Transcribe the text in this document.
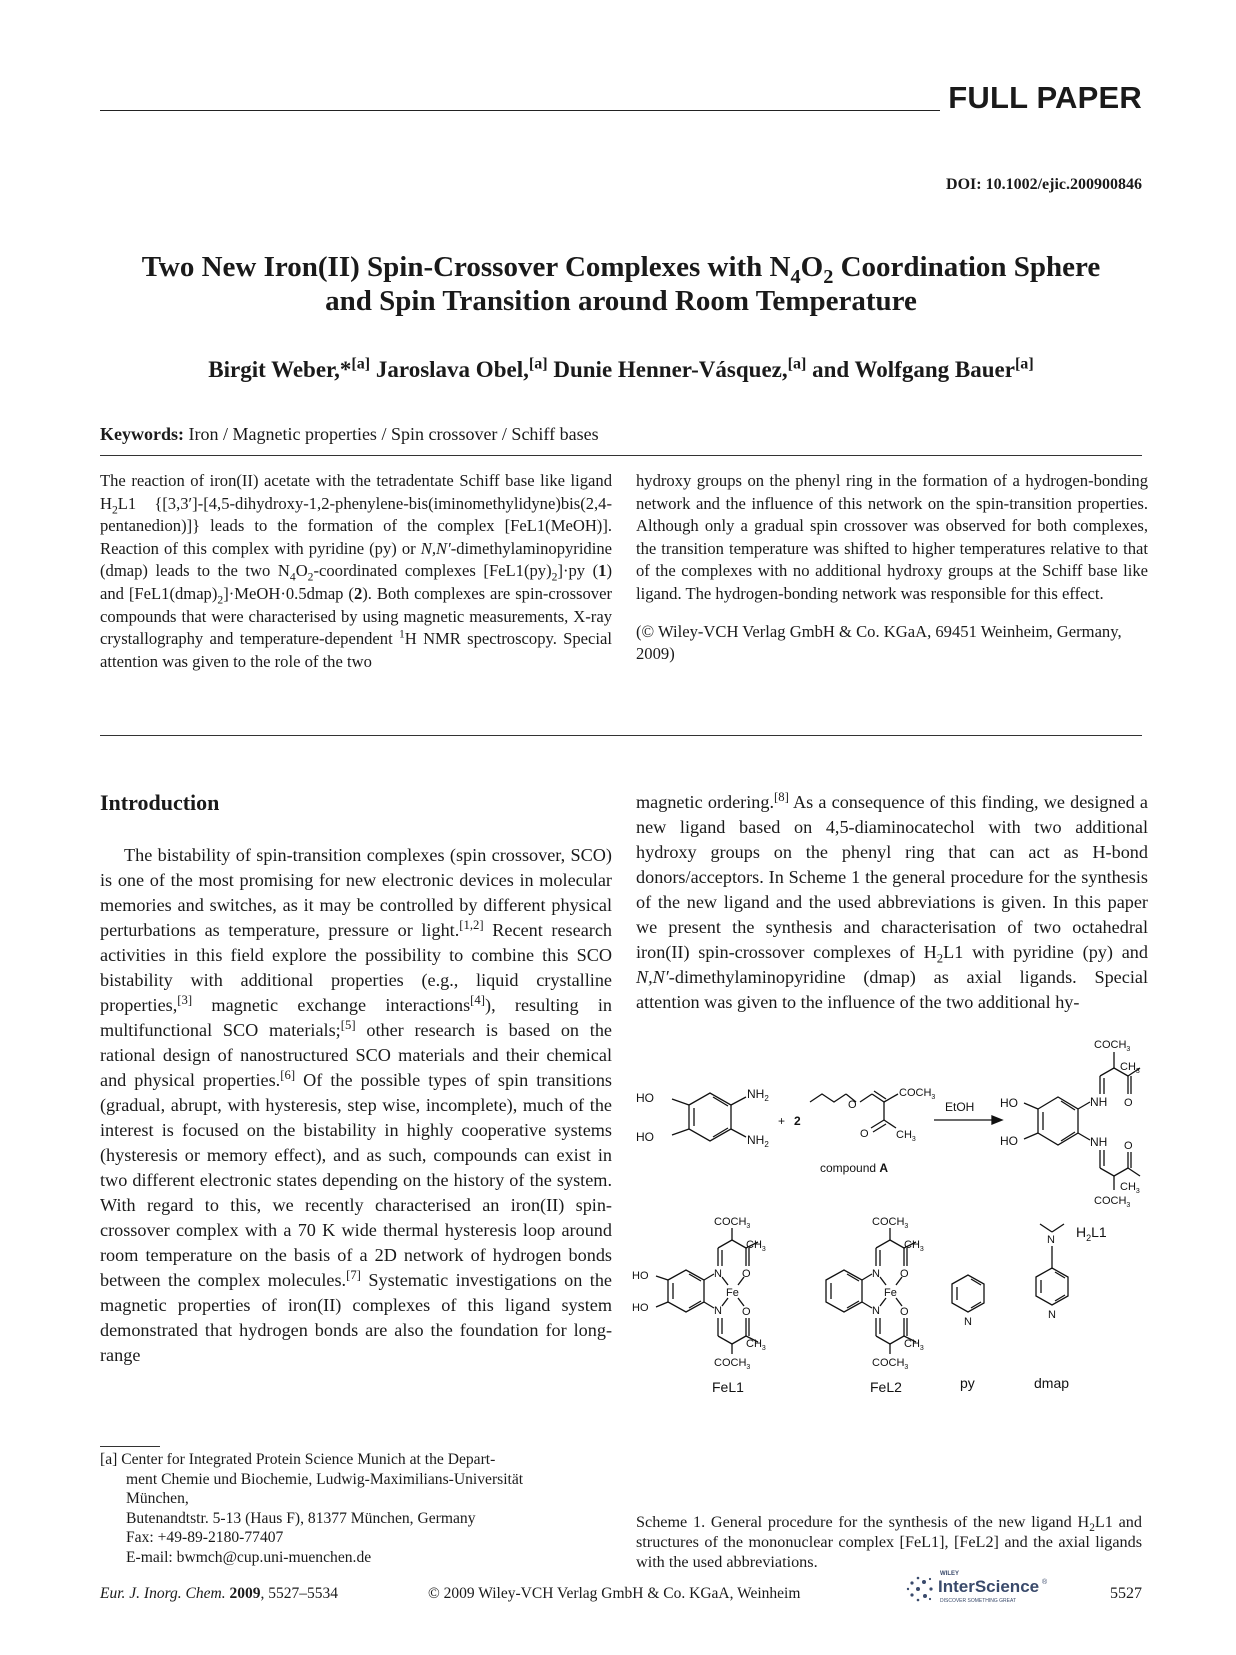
FULL PAPER
DOI: 10.1002/ejic.200900846
Two New Iron(II) Spin-Crossover Complexes with $N_4O_2$ Coordination Sphere
and Spin Transition around Room Temperature
Birgit Weber,*[a] Jaroslava Obel,[a] Dunie Henner-Vásquez,[a] and Wolfgang Bauer[a]
Keywords: Iron / Magnetic properties / Spin crossover / Schiff bases
The reaction of iron(II) acetate with the tetradentate Schiff base like ligand $H_2L1$ {[3,3′]-[4,5-dihydroxy-1,2-phenylene-bis(iminomethylidyne)bis(2,4-pentanedion)]} leads to the formation of the complex [FeL1(MeOH)]. Reaction of this complex with pyridine (py) or N,N′-dimethylaminopyridine (dmap) leads to the two $N_4O_2$-coordinated complexes $[FeL1(py)_2]\cdot py$ (1) and $[FeL1(dmap)_2]\cdot MeOH\cdot 0.5dmap$ (2). Both complexes are spin-crossover compounds that were characterised by using magnetic measurements, X-ray crystallography and temperature-dependent $^1$H NMR spectroscopy. Special attention was given to the role of the two
hydroxy groups on the phenyl ring in the formation of a hydrogen-bonding network and the influence of this network on the spin-transition properties. Although only a gradual spin crossover was observed for both complexes, the transition temperature was shifted to higher temperatures relative to that of the complexes with no additional hydroxy groups at the Schiff base like ligand. The hydrogen-bonding network was responsible for this effect.
(© Wiley-VCH Verlag GmbH & Co. KGaA, 69451 Weinheim, Germany, 2009)
Introduction
The bistability of spin-transition complexes (spin crossover, SCO) is one of the most promising for new electronic devices in molecular memories and switches, as it may be controlled by different physical perturbations as temperature, pressure or light.[1,2] Recent research activities in this field explore the possibility to combine this SCO bistability with additional properties (e.g., liquid crystalline properties,[3] magnetic exchange interactions[4]), resulting in multifunctional SCO materials;[5] other research is based on the rational design of nanostructured SCO materials and their chemical and physical properties.[6] Of the possible types of spin transitions (gradual, abrupt, with hysteresis, step wise, incomplete), much of the interest is focused on the bistability in highly cooperative systems (hysteresis or memory effect), and as such, compounds can exist in two different electronic states depending on the history of the system. With regard to this, we recently characterised an iron(II) spin-crossover complex with a 70 K wide thermal hysteresis loop around room temperature on the basis of a 2D network of hydrogen bonds between the complex molecules.[7] Systematic investigations on the magnetic properties of iron(II) complexes of this ligand system demonstrated that hydrogen bonds are also the foundation for long-range
magnetic ordering.[8] As a consequence of this finding, we designed a new ligand based on 4,5-diaminocatechol with two additional hydroxy groups on the phenyl ring that can act as H-bond donors/acceptors. In Scheme 1 the general procedure for the synthesis of the new ligand and the used abbreviations is given. In this paper we present the synthesis and characterisation of two octahedral iron(II) spin-crossover complexes of $H_2L1$ with pyridine (py) and N,N′-dimethylaminopyridine (dmap) as axial ligands. Special attention was given to the influence of the two additional hy-
[a] Center for Integrated Protein Science Munich at the Depart-
ment Chemie und Biochemie, Ludwig-Maximilians-Universität
München,
Butenandtstr. 5-13 (Haus F), 81377 München, Germany
Fax: +49-89-2180-77407
E-mail: bwmch@cup.uni-muenchen.de
HO
HO
$NH_2$
$NH_2$
+ 2
O
$COCH_3$
O $CH_3$
compound A
EtOH HO
HO
NH
NH
$COCH_3$
O
$CH_3$
$COCH_3$
O
$CH_3$
$H_2L1$
HO
HO
N
N
Fe
$COCH_3$
O
$CH_3$
$COCH_3$
O
$CH_3$
FeL1
N
N
Fe
$COCH_3$
O
$CH_3$
$COCH_3$
O
$CH_3$
FeL2
N
py
N
N
dmap
Scheme 1. General procedure for the synthesis of the new ligand $H_2L1$ and structures of the mononuclear complex [FeL1], [FeL2] and the axial ligands with the used abbreviations.
Eur. J. Inorg. Chem. 2009, 5527–5534	© 2009 Wiley-VCH Verlag GmbH & Co. KGaA, Weinheim
WILEY
InterScience ®
DISCOVER SOMETHING GREAT	5527
